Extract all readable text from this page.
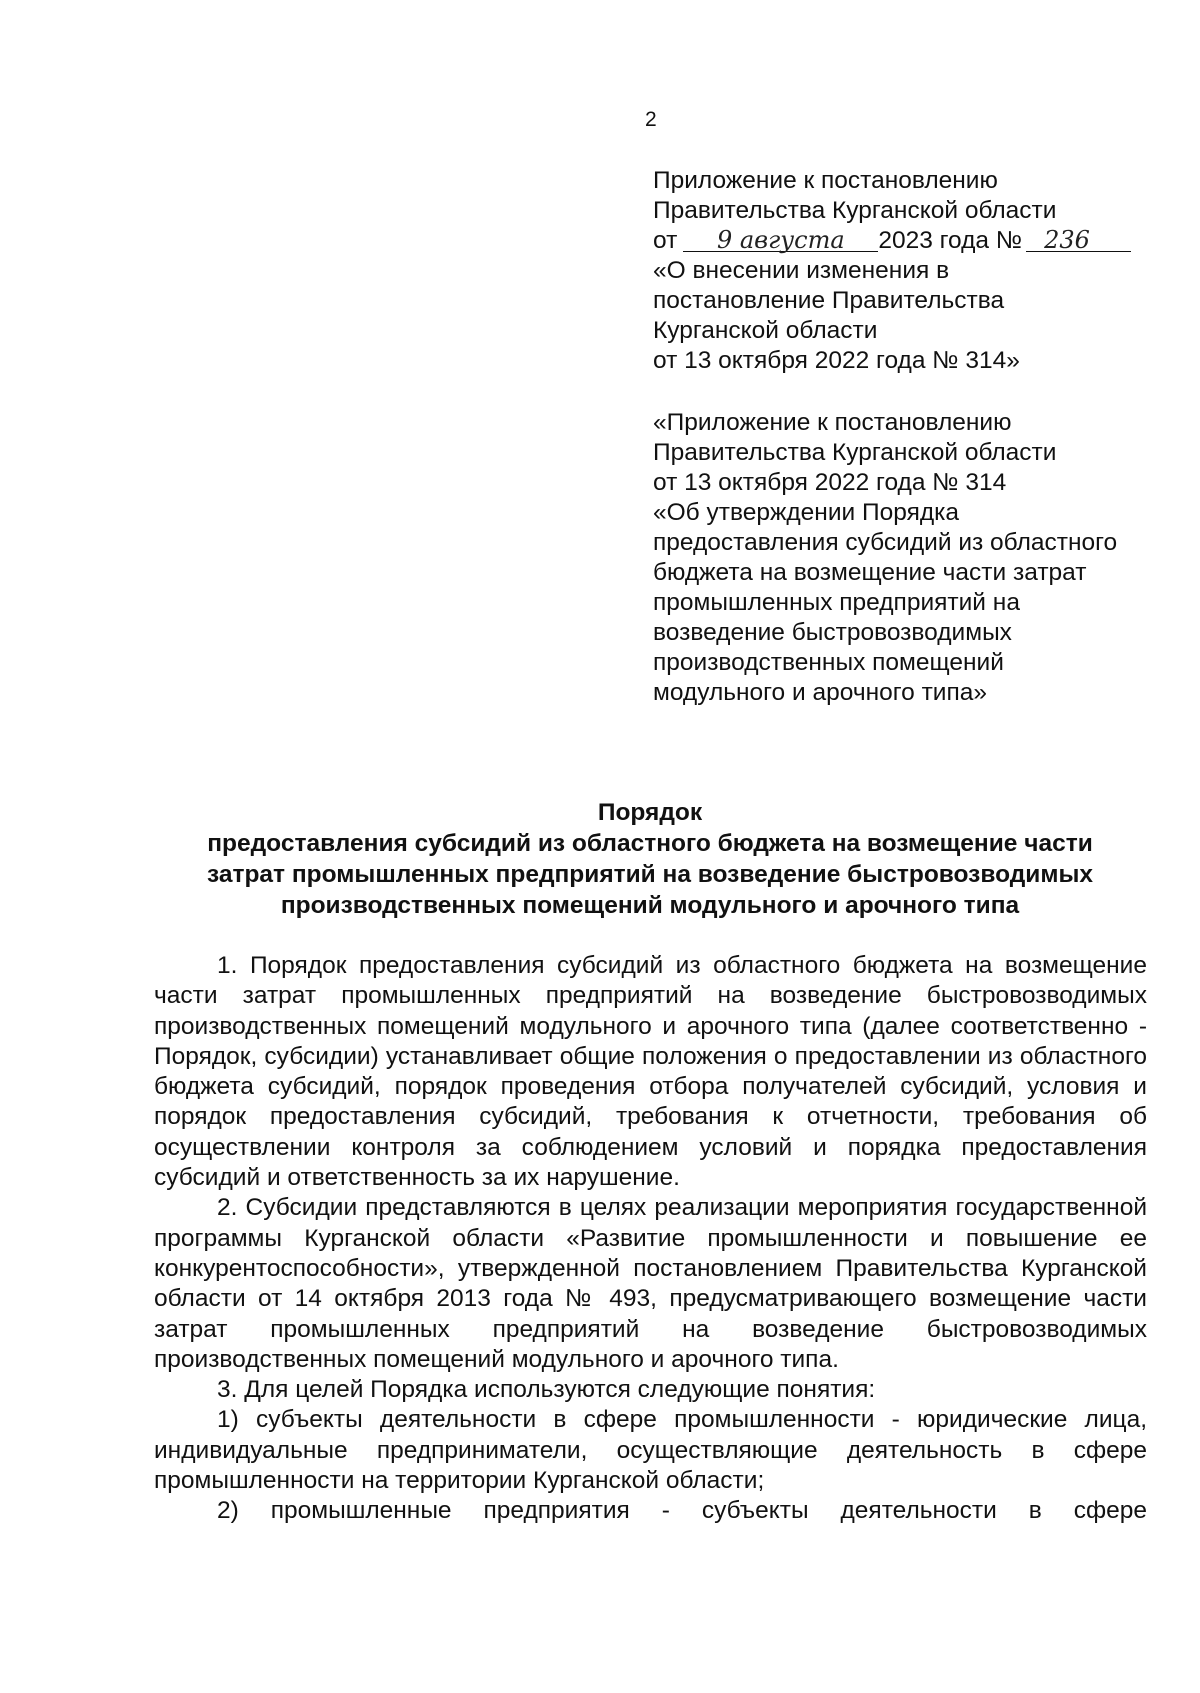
2
Приложение к постановлению
Правительства Курганской области
от 9 августа 2023 года № 236
«О внесении изменения в
постановление Правительства
Курганской области
от 13 октября 2022 года № 314»
«Приложение к постановлению
Правительства Курганской области
от 13 октября 2022 года № 314
«Об утверждении Порядка
предоставления субсидий из областного
бюджета на возмещение части затрат
промышленных предприятий на
возведение быстровозводимых
производственных помещений
модульного и арочного типа»
Порядок
предоставления субсидий из областного бюджета на возмещение части
затрат промышленных предприятий на возведение быстровозводимых
производственных помещений модульного и арочного типа

1. Порядок предоставления субсидий из областного бюджета на возмещение части затрат промышленных предприятий на возведение быстровозводимых производственных помещений модульного и арочного типа (далее соответственно - Порядок, субсидии) устанавливает общие положения о предоставлении из областного бюджета субсидий, порядок проведения отбора получателей субсидий, условия и порядок предоставления субсидий, требования к отчетности, требования об осуществлении контроля за соблюдением условий и порядка предоставления субсидий и ответственность за их нарушение.

2. Субсидии представляются в целях реализации мероприятия государственной программы Курганской области «Развитие промышленности и повышение ее конкурентоспособности», утвержденной постановлением Правительства Курганской области от 14 октября 2013 года № 493, предусматривающего возмещение части затрат промышленных предприятий на возведение быстровозводимых производственных помещений модульного и арочного типа.

3. Для целей Порядка используются следующие понятия:

1) субъекты деятельности в сфере промышленности - юридические лица, индивидуальные предприниматели, осуществляющие деятельность в сфере промышленности на территории Курганской области;

2) промышленные предприятия - субъекты деятельности в сфере
